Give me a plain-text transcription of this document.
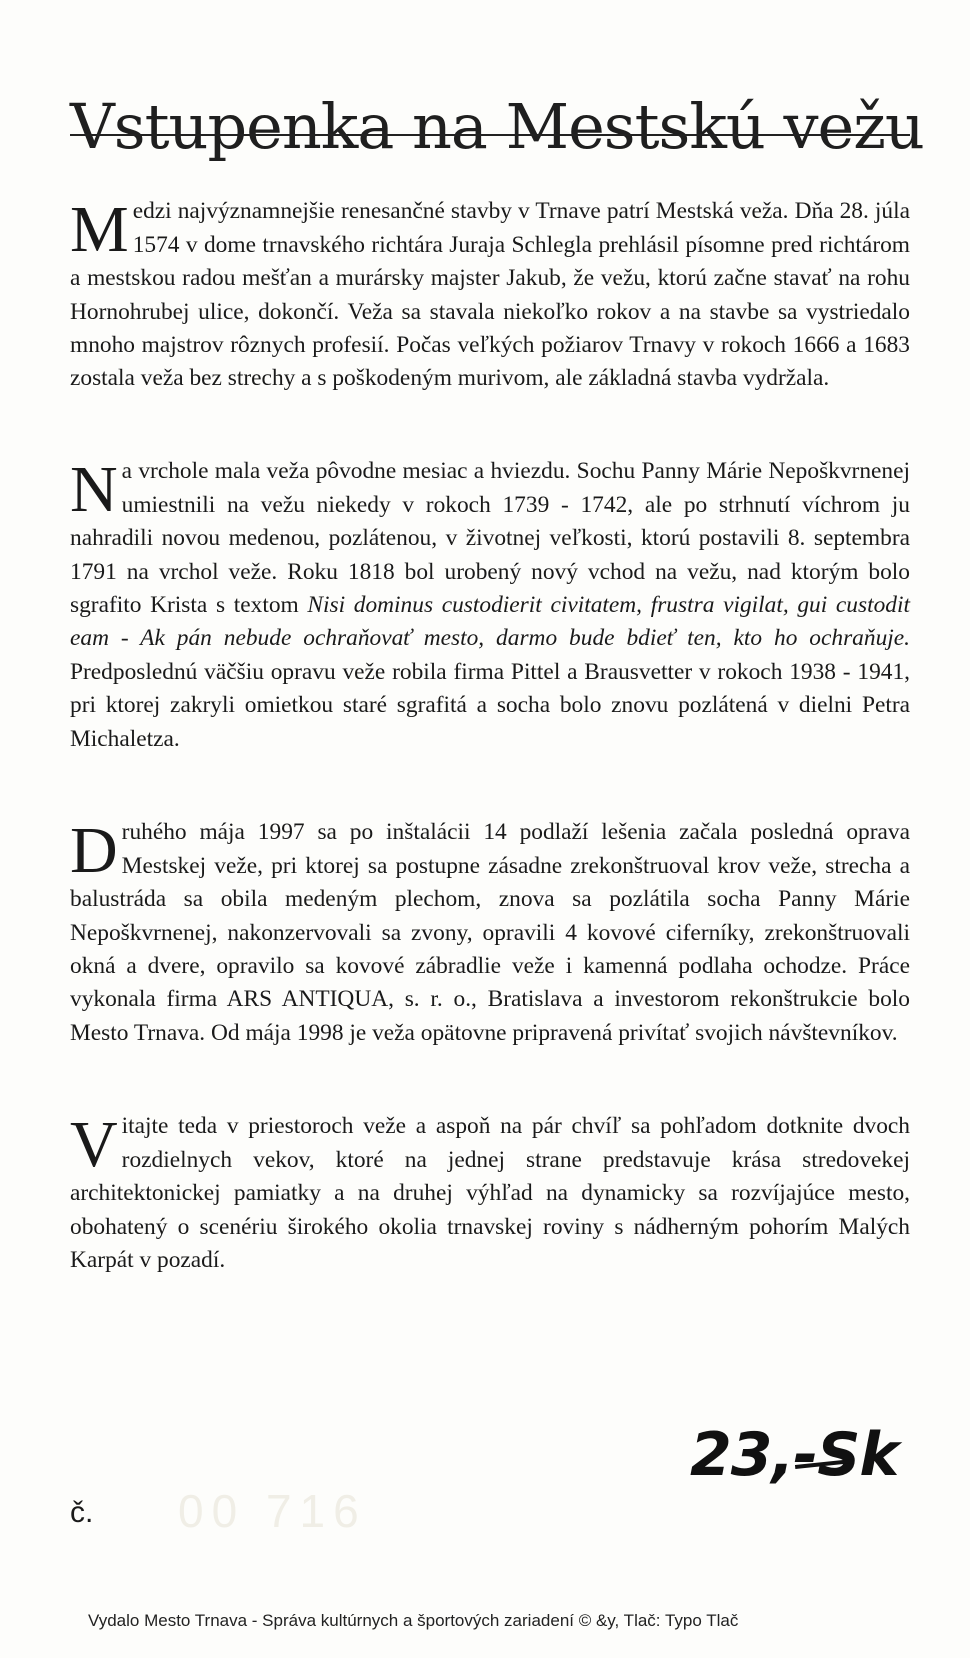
Vstupenka na Mestskú vežu

Medzi najvýznamnejšie renesančné stavby v Trnave patrí Mestská veža. Dňa 28. júla 1574 v dome trnavského richtára Juraja Schlegla prehlásil písomne pred richtárom a mestskou radou mešťan a murársky majster Jakub, že vežu, ktorú začne stavať na rohu Hornohrubej ulice, dokončí. Veža sa stavala niekoľko rokov a na stavbe sa vystriedalo mnoho majstrov rôznych profesií. Počas veľkých požiarov Trnavy v rokoch 1666 a 1683 zostala veža bez strechy a s poškodeným murivom, ale základná stavba vydržala.

Na vrchole mala veža pôvodne mesiac a hviezdu. Sochu Panny Márie Nepoškvrnenej umiestnili na vežu niekedy v rokoch 1739 - 1742, ale po strhnutí víchrom ju nahradili novou medenou, pozlátenou, v životnej veľkosti, ktorú postavili 8. septembra 1791 na vrchol veže. Roku 1818 bol urobený nový vchod na vežu, nad ktorým bolo sgrafito Krista s textom Nisi dominus custodierit civitatem, frustra vigilat, gui custodit eam - Ak pán nebude ochraňovať mesto, darmo bude bdieť ten, kto ho ochraňuje. Predposlednú väčšiu opravu veže robila firma Pittel a Brausvetter v rokoch 1938 - 1941, pri ktorej zakryli omietkou staré sgrafitá a socha bolo znovu pozlátená v dielni Petra Michaletza.

Druhého mája 1997 sa po inštalácii 14 podlaží lešenia začala posledná oprava Mestskej veže, pri ktorej sa postupne zásadne zrekonštruoval krov veže, strecha a balustráda sa obila medeným plechom, znova sa pozlátila socha Panny Márie Nepoškvrnenej, nakonzervovali sa zvony, opravili 4 kovové ciferníky, zrekonštruovali okná a dvere, opravilo sa kovové zábradlie veže i kamenná podlaha ochodze. Práce vykonala firma ARS ANTIQUA, s. r. o., Bratislava a investorom rekonštrukcie bolo Mesto Trnava. Od mája 1998 je veža opätovne pripravená privítať svojich návštevníkov.

Vitajte teda v priestoroch veže a aspoň na pár chvíľ sa pohľadom dotknite dvoch rozdielnych vekov, ktoré na jednej strane predstavuje krása stredovekej architektonickej pamiatky a na druhej výhľad na dynamicky sa rozvíjajúce mesto, obohatený o scenériu širokého okolia trnavskej roviny s nádherným pohorím Malých Karpát v pozadí.

č. 00 716
23,-Sk
Vydalo Mesto Trnava - Správa kultúrnych a športových zariadení © &y, Tlač: Typo Tlač
